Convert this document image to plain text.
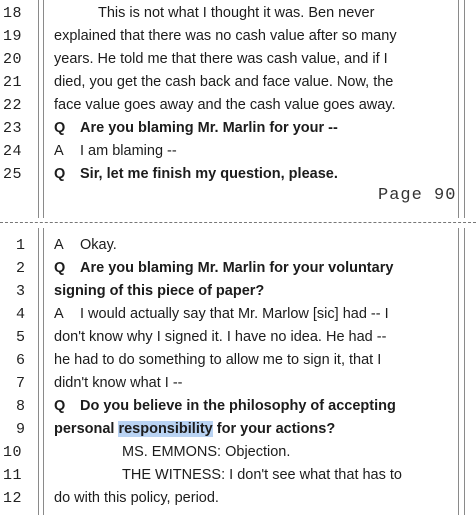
18	This is not what I thought it was. Ben never
19	explained that there was no cash value after so many
20	years. He told me that there was cash value, and if I
21	died, you get the cash back and face value. Now, the
22	face value goes away and the cash value goes away.
23	Q Are you blaming Mr. Marlin for your --
24	A I am blaming --
25	Q Sir, let me finish my question, please.
Page 90
1	A Okay.
2	Q Are you blaming Mr. Marlin for your voluntary
3	signing of this piece of paper?
4	A I would actually say that Mr. Marlow [sic] had -- I
5	don't know why I signed it. I have no idea. He had --
6	he had to do something to allow me to sign it, that I
7	didn't know what I --
8	Q Do you believe in the philosophy of accepting
9	personal responsibility for your actions?
10	MS. EMMONS: Objection.
11	THE WITNESS: I don't see what that has to
12	do with this policy, period.
